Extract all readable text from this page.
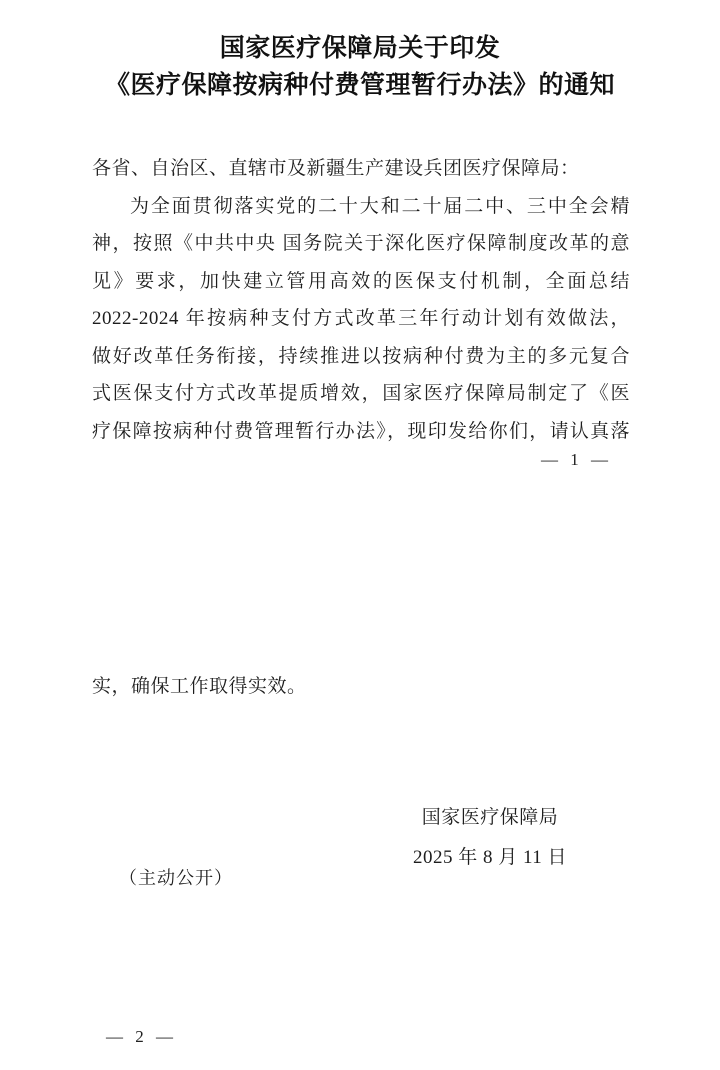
国家医疗保障局关于印发
《医疗保障按病种付费管理暂行办法》的通知
各省、自治区、直辖市及新疆生产建设兵团医疗保障局：
为全面贯彻落实党的二十大和二十届二中、三中全会精
神，按照《中共中央 国务院关于深化医疗保障制度改革的意
见》要求，加快建立管用高效的医保支付机制，全面总结
2022-2024 年按病种支付方式改革三年行动计划有效做法，
做好改革任务衔接，持续推进以按病种付费为主的多元复合
式医保支付方式改革提质增效，国家医疗保障局制定了《医
疗保障按病种付费管理暂行办法》，现印发给你们，请认真落
— 1 —
实，确保工作取得实效。
国家医疗保障局
2025 年 8 月 11 日
（主动公开）
— 2 —
